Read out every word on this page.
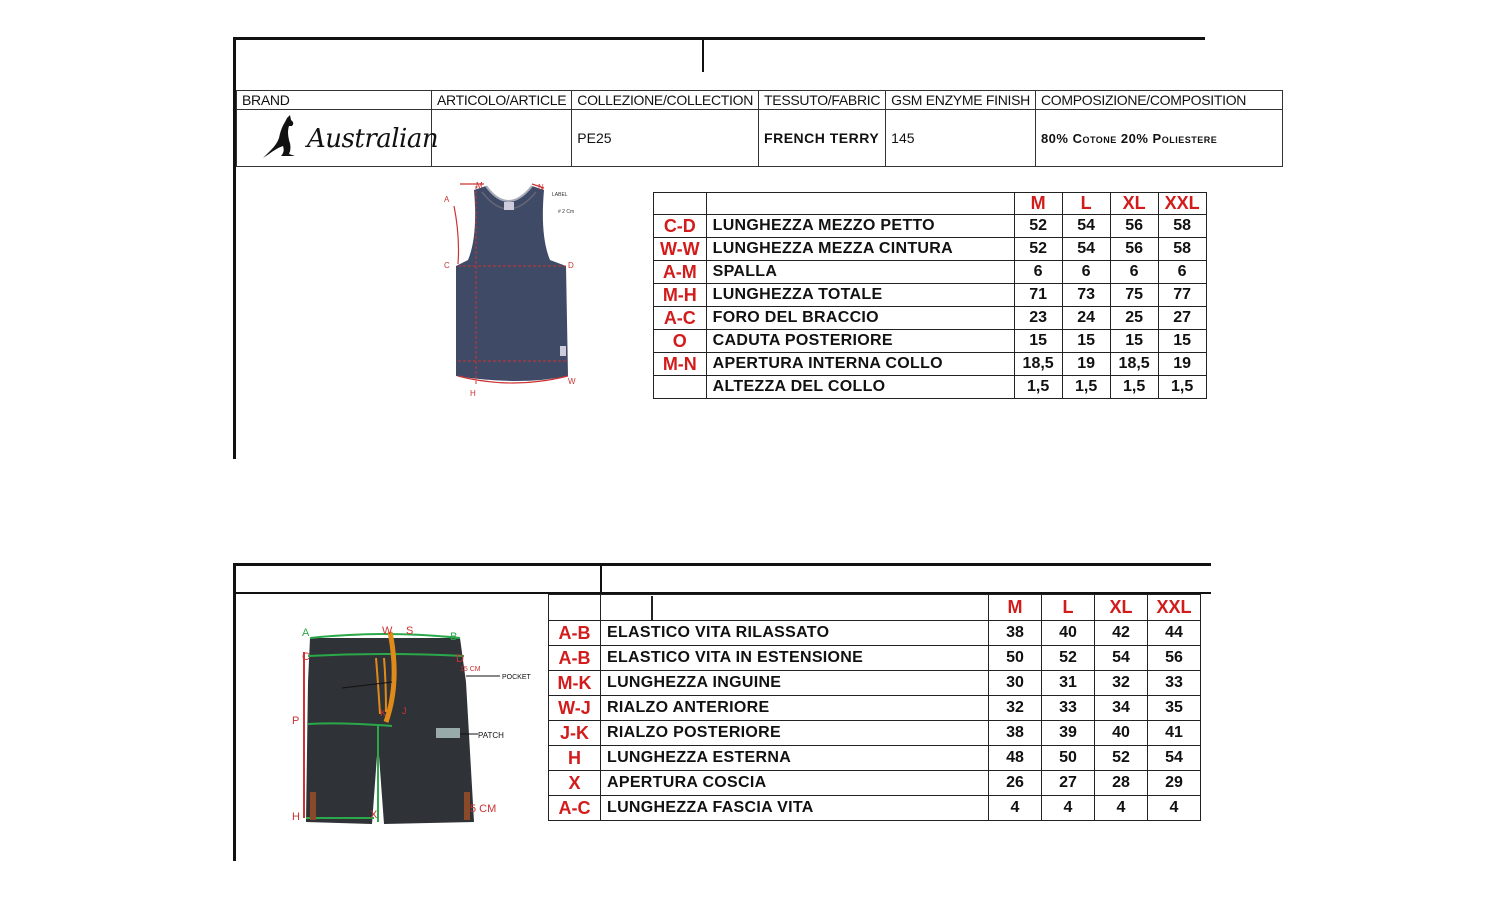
BRAND	ARTICOLO/ARTICLE	COLLEZIONE/COLLECTION	TESSUTO/FABRIC	GSM ENZYME FINISH	COMPOSIZIONE/COMPOSITION

Australian		PE25	FRENCH TERRY	145	80% Cotone 20% Poliestere
A
M	N
LABEL
# 2 Cm
C	D
W
H
		M	L	XL	XXL
C-D	LUNGHEZZA MEZZO PETTO	52	54	56	58
W-W	LUNGHEZZA MEZZA CINTURA	52	54	56	58
A-M	SPALLA	6	6	6	6
M-H	LUNGHEZZA TOTALE	71	73	75	77
A-C	FORO DEL BRACCIO	23	24	25	27
O	CADUTA POSTERIORE	15	15	15	15
M-N	APERTURA INTERNA COLLO	18,5	19	18,5	19
	ALTEZZA DEL COLLO	1,5	1,5	1,5	1,5
A	W S	B
C	D
15 CM
POCKET
P
K J
PATCH
H	X	5 CM

	M	L	XL	XXL
A-B	ELASTICO VITA RILASSATO	38	40	42	44
A-B	ELASTICO VITA IN ESTENSIONE	50	52	54	56
M-K	LUNGHEZZA INGUINE	30	31	32	33
W-J	RIALZO ANTERIORE	32	33	34	35
J-K	RIALZO POSTERIORE	38	39	40	41
H	LUNGHEZZA ESTERNA	48	50	52	54
X	APERTURA COSCIA	26	27	28	29
A-C	LUNGHEZZA FASCIA VITA	4	4	4	4
